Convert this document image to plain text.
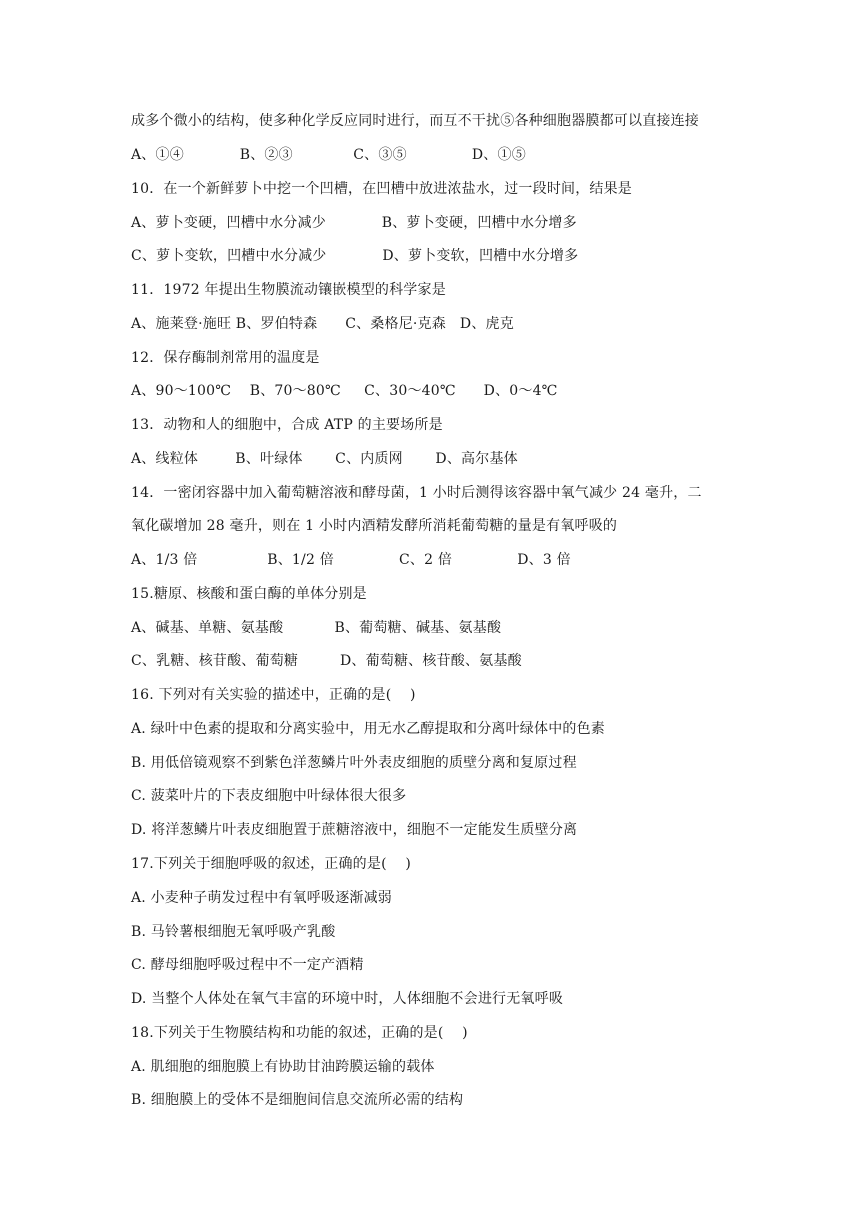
成多个微小的结构，使多种化学反应同时进行，而互不干扰⑤各种细胞器膜都可以直接连接
A、①④            B、②③             C、③⑤              D、①⑤
10．在一个新鲜萝卜中挖一个凹槽，在凹槽中放进浓盐水，过一段时间，结果是
A、萝卜变硬，凹槽中水分减少            B、萝卜变硬，凹槽中水分增多
C、萝卜变软，凹槽中水分减少            D、萝卜变软，凹槽中水分增多
11．1972 年提出生物膜流动镶嵌模型的科学家是
A、施莱登·施旺 B、罗伯特森      C、桑格尼·克森   D、虎克
12．保存酶制剂常用的温度是
A、90～100℃    B、70～80℃     C、30～40℃      D、0～4℃
13．动物和人的细胞中，合成 ATP 的主要场所是
A、线粒体        B、叶绿体       C、内质网       D、高尔基体
14．一密闭容器中加入葡萄糖溶液和酵母菌，1 小时后测得该容器中氧气减少 24 毫升，二
氧化碳增加 28 毫升，则在 1 小时内酒精发酵所消耗葡萄糖的量是有氧呼吸的
A、1/3 倍               B、1/2 倍              C、2 倍              D、3 倍
15.糖原、核酸和蛋白酶的单体分别是
A、碱基、单糖、氨基酸           B、葡萄糖、碱基、氨基酸
C、乳糖、核苷酸、葡萄糖         D、葡萄糖、核苷酸、氨基酸
16. 下列对有关实验的描述中，正确的是(    )
A. 绿叶中色素的提取和分离实验中，用无水乙醇提取和分离叶绿体中的色素
B. 用低倍镜观察不到紫色洋葱鳞片叶外表皮细胞的质壁分离和复原过程
C. 菠菜叶片的下表皮细胞中叶绿体很大很多
D. 将洋葱鳞片叶表皮细胞置于蔗糖溶液中，细胞不一定能发生质壁分离
17.下列关于细胞呼吸的叙述，正确的是(    )
A. 小麦种子萌发过程中有氧呼吸逐渐减弱
B. 马铃薯根细胞无氧呼吸产乳酸
C. 酵母细胞呼吸过程中不一定产酒精
D. 当整个人体处在氧气丰富的环境中时，人体细胞不会进行无氧呼吸
18.下列关于生物膜结构和功能的叙述，正确的是(    )
A. 肌细胞的细胞膜上有协助甘油跨膜运输的载体
B. 细胞膜上的受体不是细胞间信息交流所必需的结构
